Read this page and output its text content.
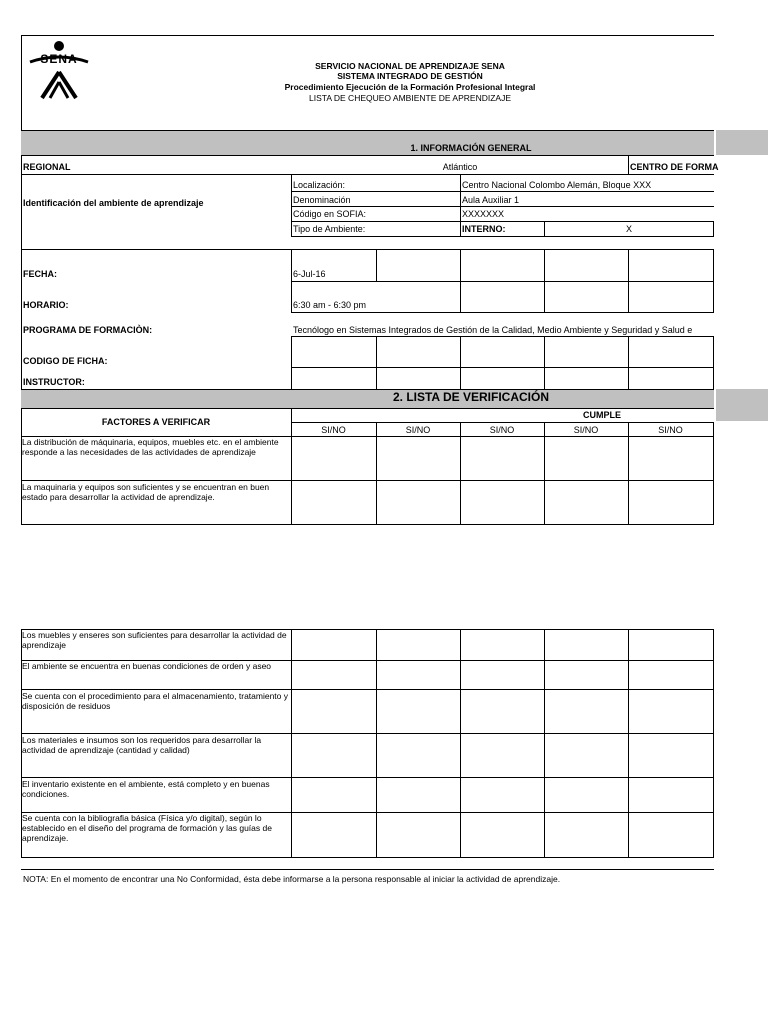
SENA	SERVICIO NACIONAL DE APRENDIZAJE SENA
SISTEMA INTEGRADO DE GESTIÓN
Procedimiento Ejecución de la Formación Profesional Integral
LISTA DE CHEQUEO AMBIENTE DE APRENDIZAJE
1. INFORMACIÓN GENERAL
REGIONAL	Atlántico	CENTRO DE FORMA
Identificación del ambiente de aprendizaje
Localización:	Centro Nacional Colombo Alemán, Bloque XXX
Denominación	Aula Auxiliar 1
Código en SOFIA:	XXXXXXX
Tipo de Ambiente:	INTERNO:	X
FECHA:	6-Jul-16
HORARIO:	6:30 am - 6:30 pm
PROGRAMA DE FORMACIÒN:	Tecnólogo en Sistemas Integrados de Gestión de la Calidad, Medio Ambiente y Seguridad y Salud e
CODIGO DE FICHA:
INSTRUCTOR:
2. LISTA DE VERIFICACIÓN
FACTORES A VERIFICAR
CUMPLE
SI/NO	SI/NO	SI/NO	SI/NO	SI/NO
La distribución de máquinaria, equipos, muebles etc. en el ambiente responde a las necesidades de las actividades de aprendizaje
La maquinaria y equipos son suficientes y se encuentran en buen estado para desarrollar la actividad de aprendizaje.
Los muebles y enseres son suficientes para desarrollar la actividad de aprendizaje
El ambiente se encuentra en buenas condiciones de orden y aseo
Se cuenta con el procedimiento para el almacenamiento, tratamiento y disposición de residuos
Los materiales e insumos son los requeridos para desarrollar la actividad de aprendizaje (cantidad y calidad)
El inventario existente en el ambiente, está completo y en buenas condiciones.
Se cuenta con la bibliografia básica (Física y/o digital), según lo establecido en el diseño del programa de formación y las guías de aprendizaje.
NOTA: En el momento de encontrar una No Conformidad, ésta debe informarse a la persona responsable al iniciar la actividad de aprendizaje.
